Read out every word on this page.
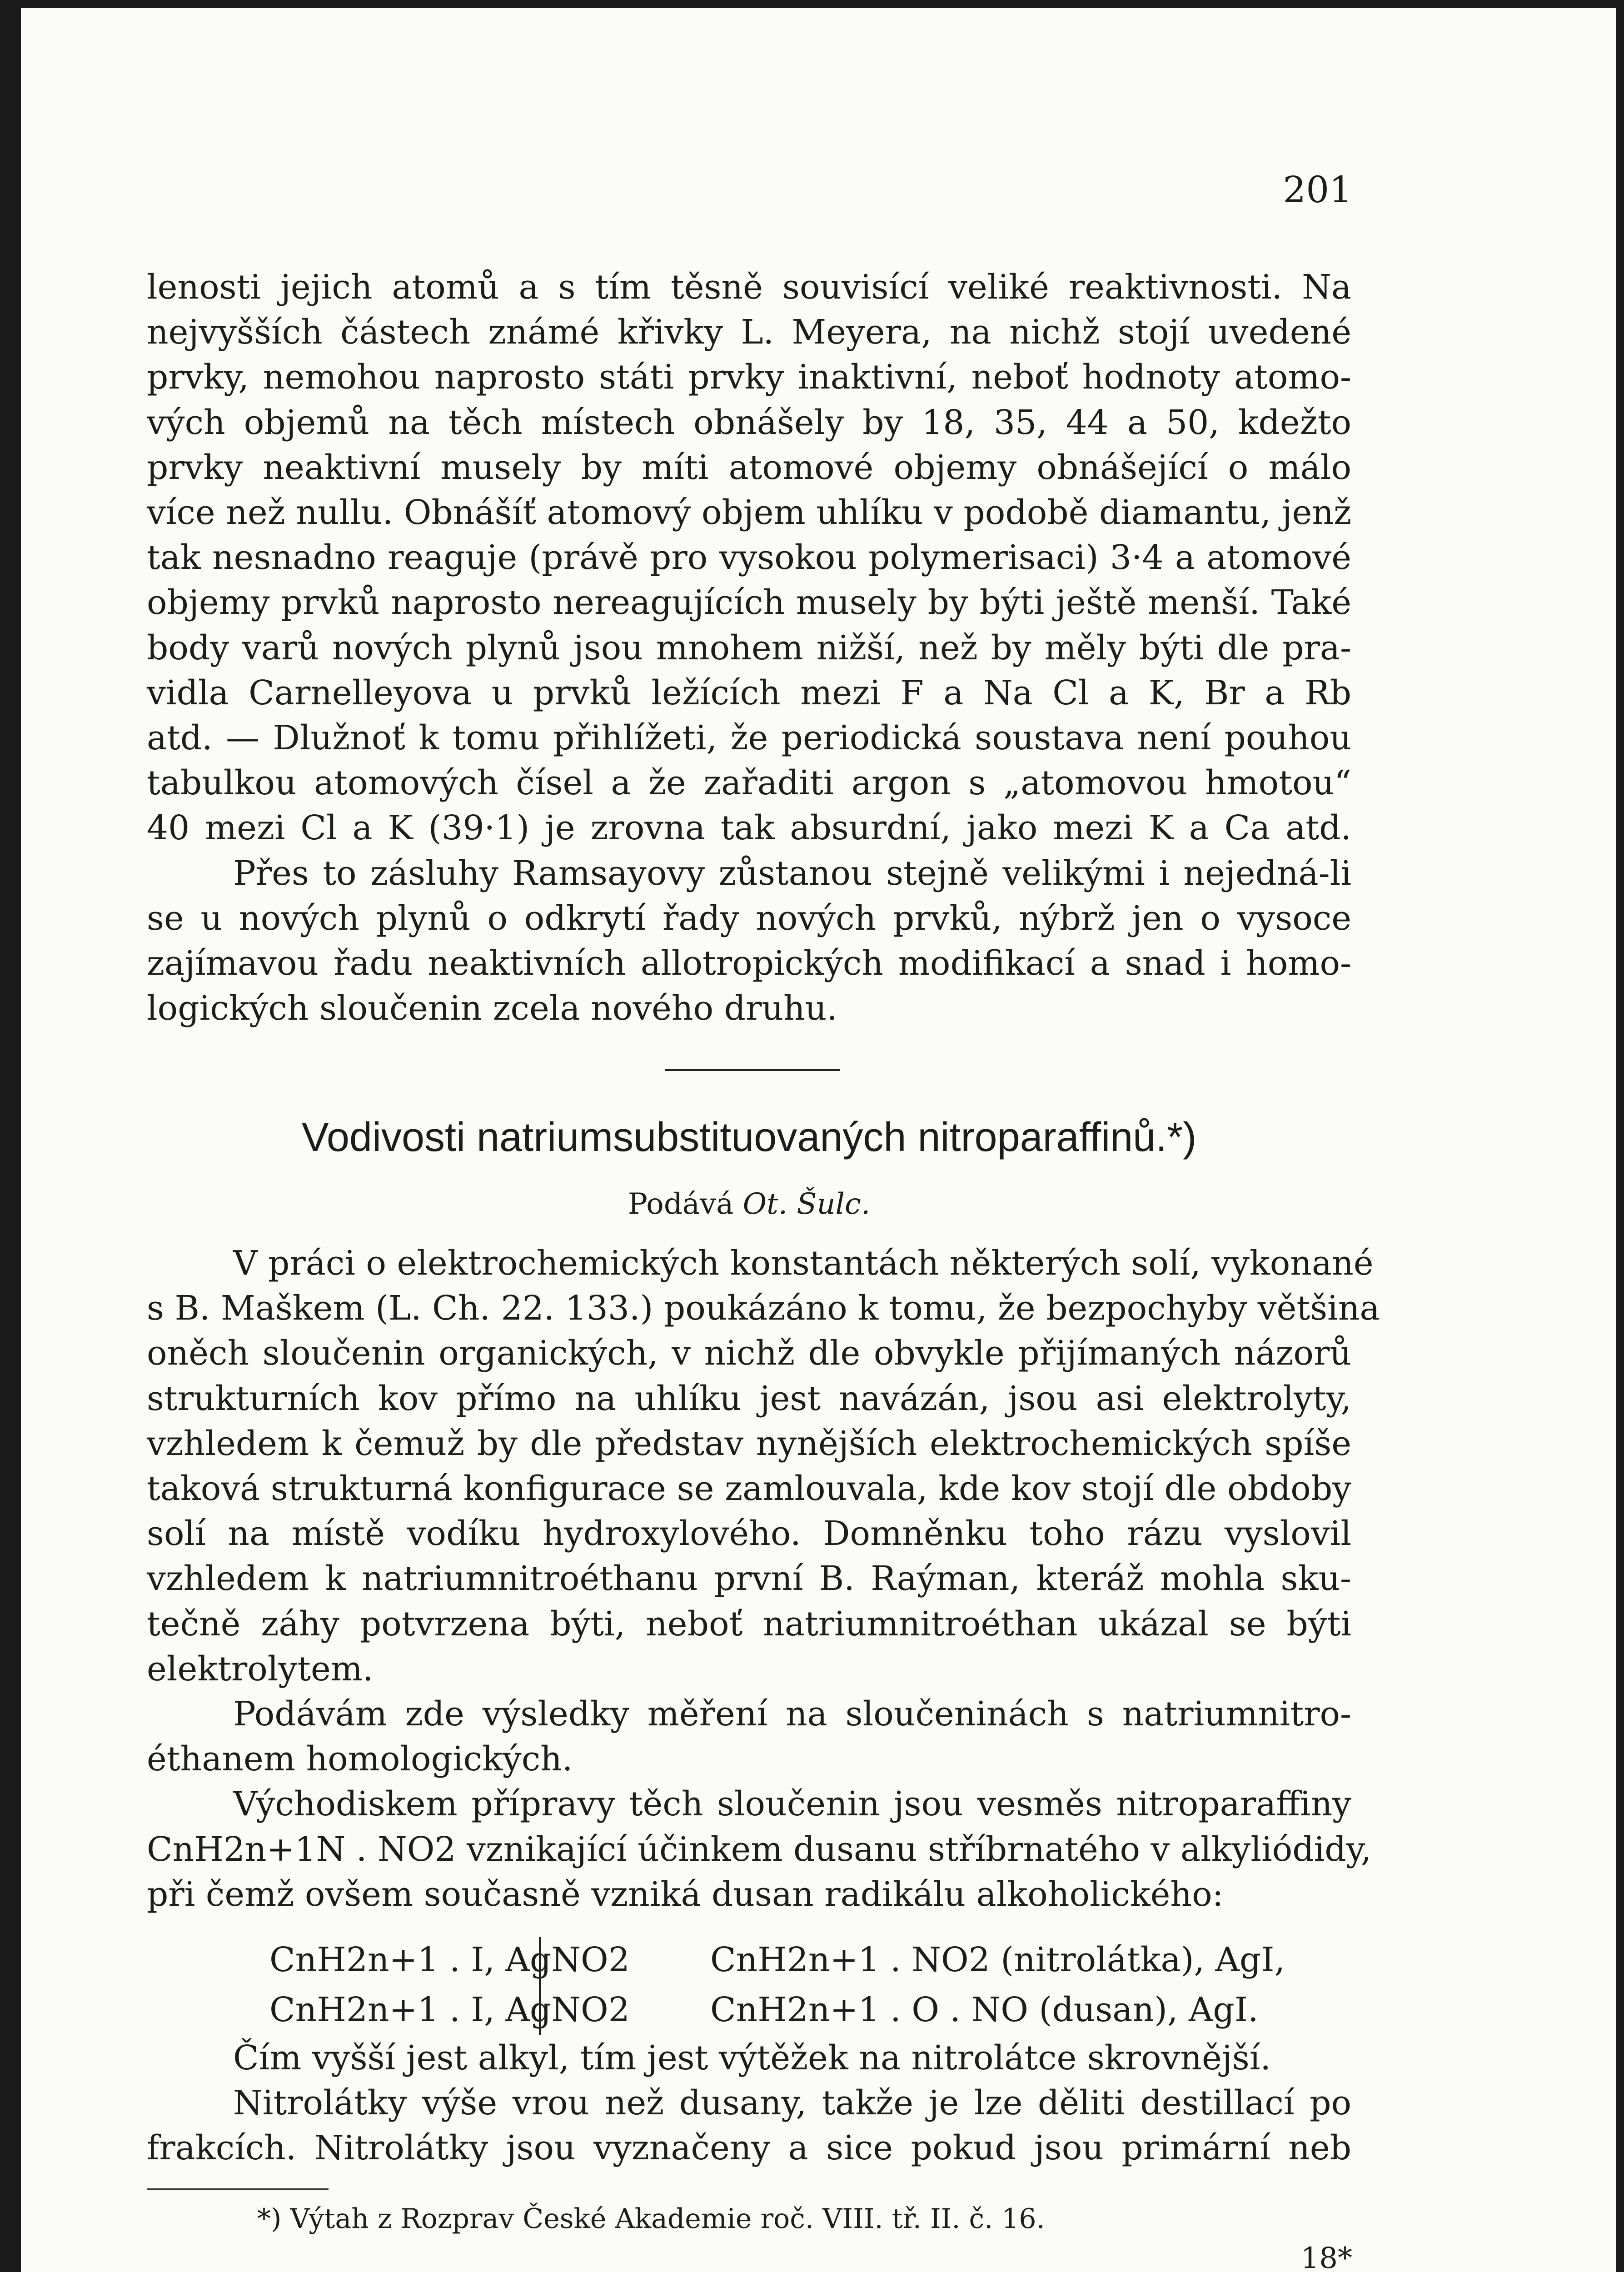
201
lenosti jejich atomů a s tím těsně souvisící veliké reaktivnosti. Na
nejvyšších částech známé křivky L. Meyera, na nichž stojí uvedené
prvky, nemohou naprosto státi prvky inaktivní, neboť hodnoty atomo-
vých objemů na těch místech obnášely by 18, 35, 44 a 50, kdežto
prvky neaktivní musely by míti atomové objemy obnášející o málo
více než nullu. Obnášíť atomový objem uhlíku v podobě diamantu, jenž
tak nesnadno reaguje (právě pro vysokou polymerisaci) 3·4 a atomové
objemy prvků naprosto nereagujících musely by býti ještě menší. Také
body varů nových plynů jsou mnohem nižší, než by měly býti dle pra-
vidla Carnelleyova u prvků ležících mezi F a Na Cl a K, Br a Rb
atd. — Dlužnoť k tomu přihlížeti, že periodická soustava není pouhou
tabulkou atomových čísel a že zařaditi argon s „atomovou hmotou“
40 mezi Cl a K (39·1) je zrovna tak absurdní, jako mezi K a Ca atd.
Přes to zásluhy Ramsayovy zůstanou stejně velikými i nejedná-li
se u nových plynů o odkrytí řady nových prvků, nýbrž jen o vysoce
zajímavou řadu neaktivních allotropických modifikací a snad i homo-
logických sloučenin zcela nového druhu.
Vodivosti natriumsubstituovaných nitroparaffinů.*)
Podává Ot. Šulc.
V práci o elektrochemických konstantách některých solí, vykonané
s B. Maškem (L. Ch. 22. 133.) poukázáno k tomu, že bezpochyby většina
oněch sloučenin organických, v nichž dle obvykle přijímaných názorů
strukturních kov přímo na uhlíku jest navázán, jsou asi elektrolyty,
vzhledem k čemuž by dle představ nynějších elektrochemických spíše
taková strukturná konfigurace se zamlouvala, kde kov stojí dle obdoby
solí na místě vodíku hydroxylového. Domněnku toho rázu vyslovil
vzhledem k natriumnitroéthanu první B. Raýman, kteráž mohla sku-
tečně záhy potvrzena býti, neboť natriumnitroéthan ukázal se býti
elektrolytem.
Podávám zde výsledky měření na sloučeninách s natriumnitro-
éthanem homologických.
Východiskem přípravy těch sloučenin jsou vesměs nitroparaffiny
CnH2n+1N . NO2 vznikající účinkem dusanu stříbrnatého v alkyliódidy,
při čemž ovšem současně vzniká dusan radikálu alkoholického:
CnH2n+1 . I, AgNO2 CnH2n+1 . NO2 (nitrolátka), AgI,
CnH2n+1 . I, AgNO2 CnH2n+1 . O . NO (dusan), AgI.
Čím vyšší jest alkyl, tím jest výtěžek na nitrolátce skrovnější.
Nitrolátky výše vrou než dusany, takže je lze děliti destillací po
frakcích. Nitrolátky jsou vyznačeny a sice pokud jsou primární neb
*) Výtah z Rozprav České Akademie roč. VIII. tř. II. č. 16.
18*
